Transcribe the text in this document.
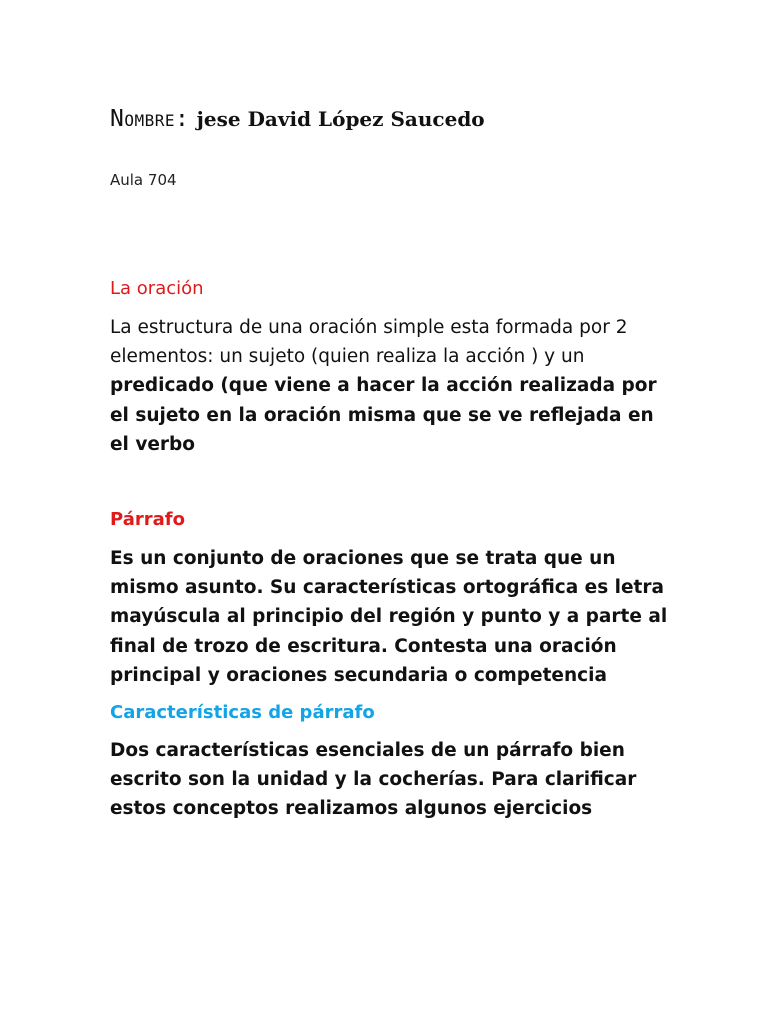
Nombre: jese David López Saucedo
Aula 704
La oración
La estructura de una oración simple esta formada por 2 elementos: un sujeto (quien realiza la acción ) y un predicado (que viene a hacer la acción realizada por el sujeto en la oración misma que se ve reflejada en el verbo
Párrafo
Es un conjunto de oraciones que se trata que un mismo asunto. Su características ortográfica es letra mayúscula al principio del región y punto y a parte al final de trozo de escritura. Contesta una oración principal y oraciones secundaria o competencia
Características de párrafo
Dos características esenciales de un párrafo bien escrito son la unidad y la cocherías. Para clarificar estos conceptos realizamos algunos ejercicios
